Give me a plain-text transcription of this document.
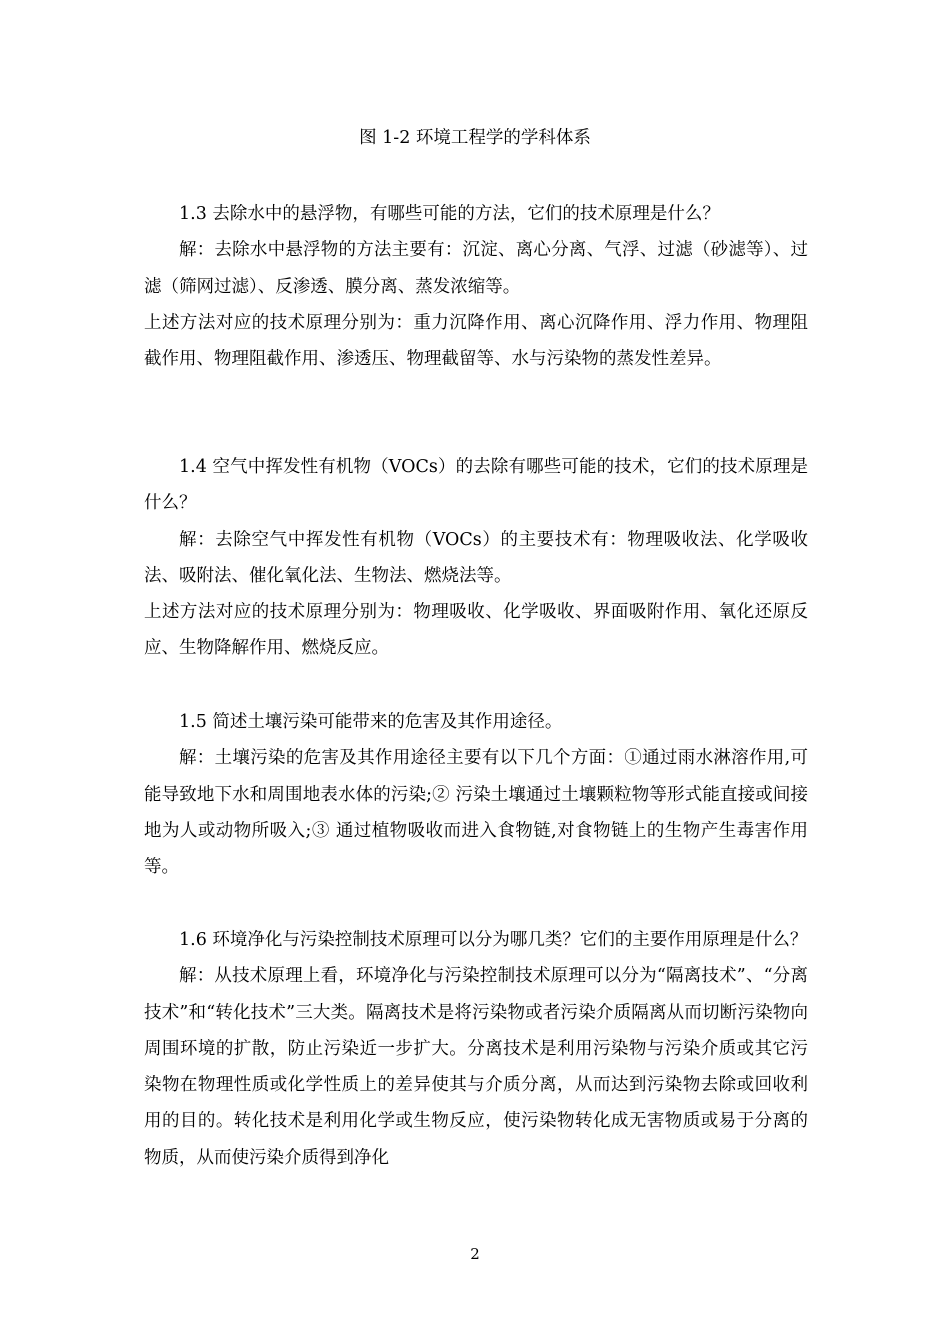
图 1-2 环境工程学的学科体系

1.3 去除水中的悬浮物，有哪些可能的方法，它们的技术原理是什么？

解：去除水中悬浮物的方法主要有：沉淀、离心分离、气浮、过滤（砂滤等）、过滤（筛网过滤）、反渗透、膜分离、蒸发浓缩等。

上述方法对应的技术原理分别为：重力沉降作用、离心沉降作用、浮力作用、物理阻截作用、物理阻截作用、渗透压、物理截留等、水与污染物的蒸发性差异。

1.4 空气中挥发性有机物（VOCs）的去除有哪些可能的技术，它们的技术原理是什么？

解：去除空气中挥发性有机物（VOCs）的主要技术有：物理吸收法、化学吸收法、吸附法、催化氧化法、生物法、燃烧法等。

上述方法对应的技术原理分别为：物理吸收、化学吸收、界面吸附作用、氧化还原反应、生物降解作用、燃烧反应。

1.5 简述土壤污染可能带来的危害及其作用途径。

解：土壤污染的危害及其作用途径主要有以下几个方面：①通过雨水淋溶作用,可能导致地下水和周围地表水体的污染;② 污染土壤通过土壤颗粒物等形式能直接或间接地为人或动物所吸入;③ 通过植物吸收而进入食物链,对食物链上的生物产生毒害作用等。

1.6 环境净化与污染控制技术原理可以分为哪几类？它们的主要作用原理是什么？

解：从技术原理上看，环境净化与污染控制技术原理可以分为“隔离技术”、“分离技术”和“转化技术”三大类。隔离技术是将污染物或者污染介质隔离从而切断污染物向周围环境的扩散，防止污染近一步扩大。分离技术是利用污染物与污染介质或其它污染物在物理性质或化学性质上的差异使其与介质分离，从而达到污染物去除或回收利用的目的。转化技术是利用化学或生物反应，使污染物转化成无害物质或易于分离的物质，从而使污染介质得到净化

2
